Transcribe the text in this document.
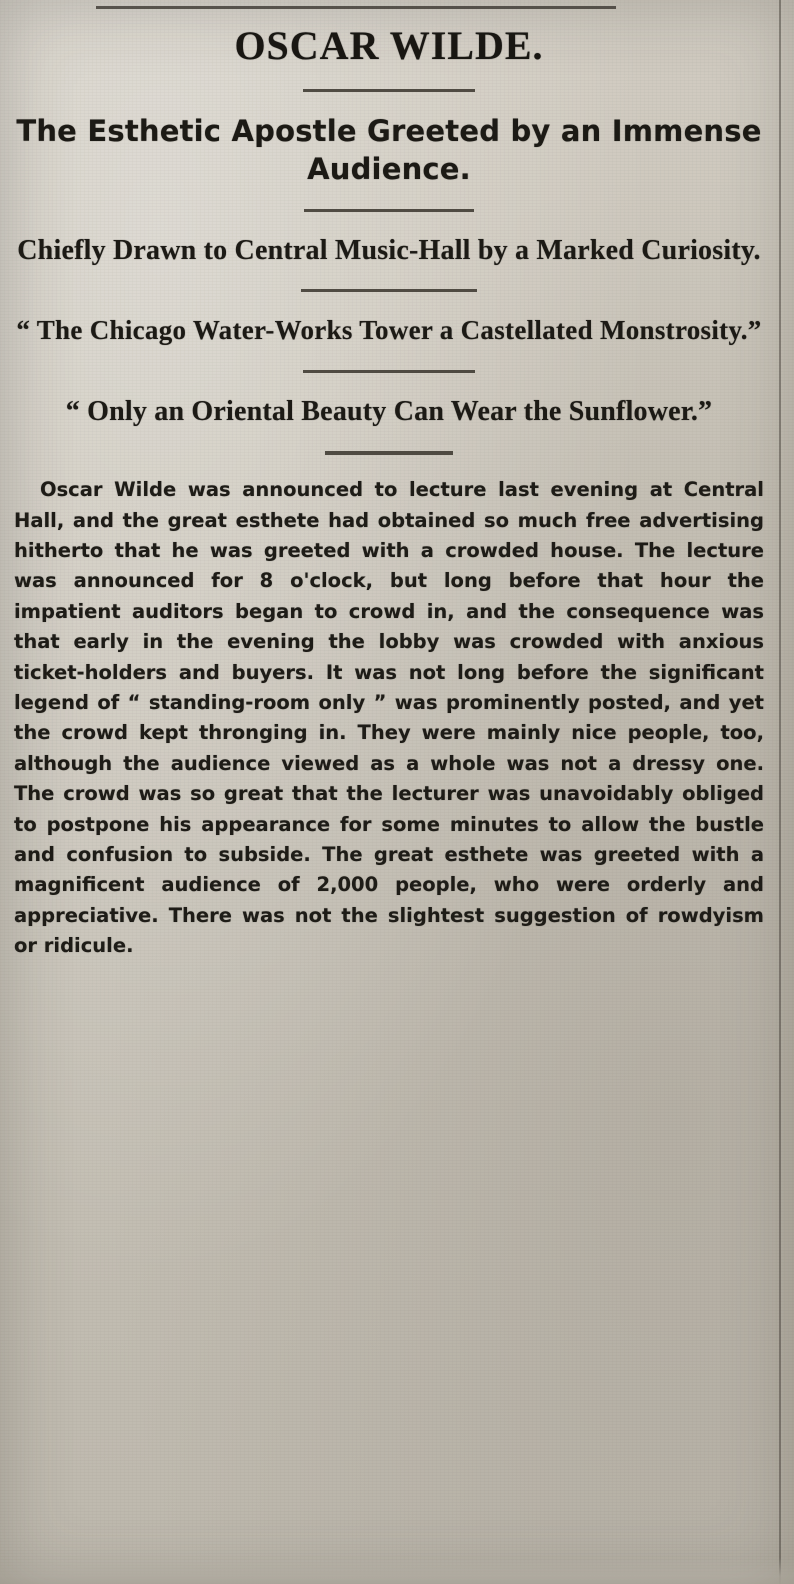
OSCAR WILDE.
The Esthetic Apostle Greeted by an Immense Audience.
Chiefly Drawn to Central Music-Hall by a Marked Curiosity.
“ The Chicago Water-Works Tower a Castellated Monstrosity.”
“ Only an Oriental Beauty Can Wear the Sunflower.”

Oscar Wilde was announced to lecture last evening at Central Hall, and the great esthete had obtained so much free advertising hitherto that he was greeted with a crowded house. The lecture was announced for 8 o'clock, but long before that hour the impatient auditors began to crowd in, and the consequence was that early in the evening the lobby was crowded with anxious ticket-holders and buyers. It was not long before the significant legend of “ standing-room only ” was prominently posted, and yet the crowd kept thronging in. They were mainly nice people, too, although the audience viewed as a whole was not a dressy one. The crowd was so great that the lecturer was unavoidably obliged to postpone his appearance for some minutes to allow the bustle and confusion to subside. The great esthete was greeted with a magnificent audience of 2,000 people, who were orderly and appreciative. There was not the slightest suggestion of rowdyism or ridicule.
